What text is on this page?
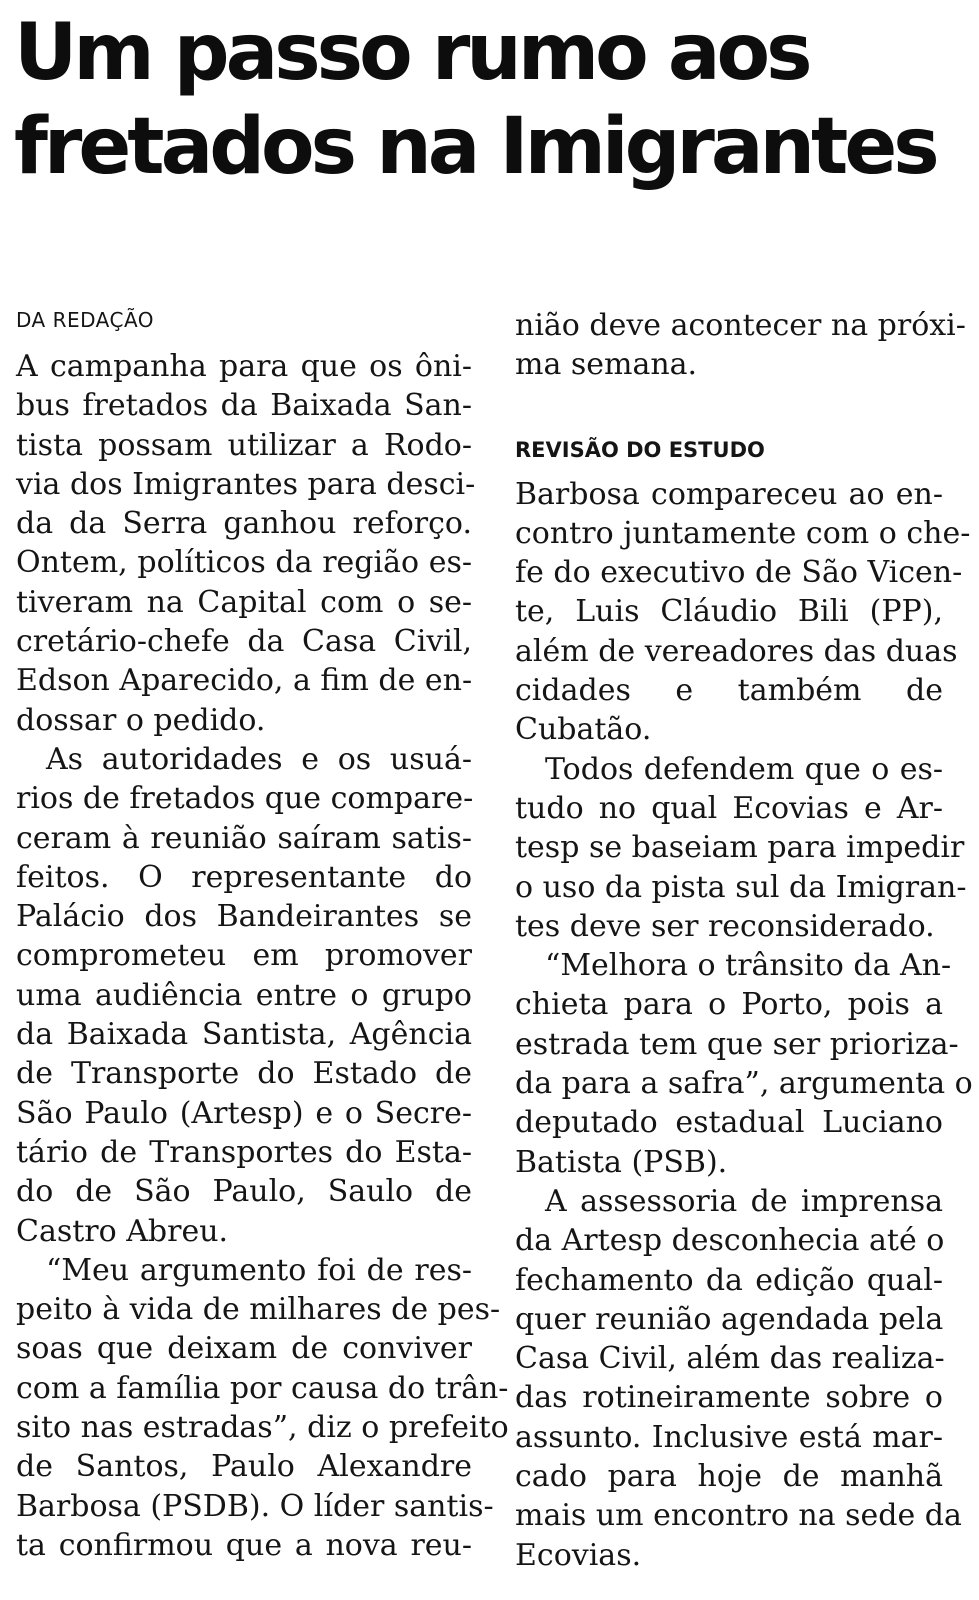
Um passo rumo aos
fretados na Imigrantes
DA REDAÇÃO
A campanha para que os ôni-
bus fretados da Baixada San-
tista possam utilizar a Rodo-
via dos Imigrantes para desci-
da da Serra ganhou reforço.
Ontem, políticos da região es-
tiveram na Capital com o se-
cretário-chefe da Casa Civil,
Edson Aparecido, a fim de en-
dossar o pedido.
 As autoridades e os usuá-
rios de fretados que compare-
ceram à reunião saíram satis-
feitos. O representante do
Palácio dos Bandeirantes se
comprometeu em promover
uma audiência entre o grupo
da Baixada Santista, Agência
de Transporte do Estado de
São Paulo (Artesp) e o Secre-
tário de Transportes do Esta-
do de São Paulo, Saulo de
Castro Abreu.
 “Meu argumento foi de res-
peito à vida de milhares de pes-
soas que deixam de conviver
com a família por causa do trân-
sito nas estradas”, diz o prefeito
de Santos, Paulo Alexandre
Barbosa (PSDB). O líder santis-
ta confirmou que a nova reu-
nião deve acontecer na próxi-
ma semana.
REVISÃO DO ESTUDO
Barbosa compareceu ao en-
contro juntamente com o che-
fe do executivo de São Vicen-
te, Luis Cláudio Bili (PP),
além de vereadores das duas
cidades e também de
Cubatão.
 Todos defendem que o es-
tudo no qual Ecovias e Ar-
tesp se baseiam para impedir
o uso da pista sul da Imigran-
tes deve ser reconsiderado.
 “Melhora o trânsito da An-
chieta para o Porto, pois a
estrada tem que ser prioriza-
da para a safra”, argumenta o
deputado estadual Luciano
Batista (PSB).
 A assessoria de imprensa
da Artesp desconhecia até o
fechamento da edição qual-
quer reunião agendada pela
Casa Civil, além das realiza-
das rotineiramente sobre o
assunto. Inclusive está mar-
cado para hoje de manhã
mais um encontro na sede da
Ecovias.
